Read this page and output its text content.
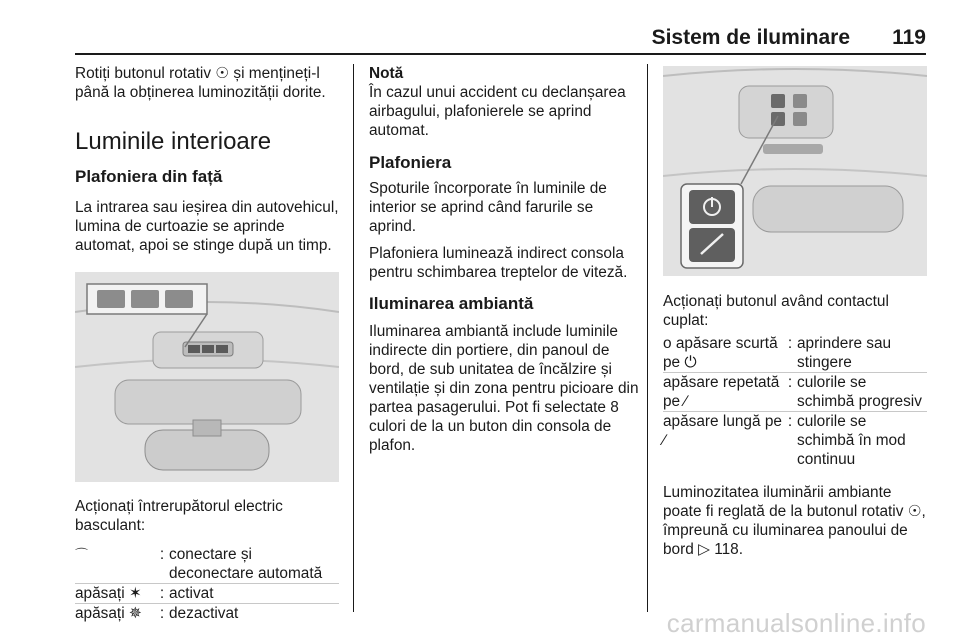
Sistem de iluminare 119

Rotiți butonul rotativ ☉ și mențineți-l până la obținerea luminozității dorite.

Luminile interioare
Plafoniera din față

La intrarea sau ieșirea din autovehicul, lumina de curtoazie se aprinde automat, apoi se stinge după un timp.

Acționați întrerupătorul electric basculant:

⌒	:	conectare și deconectare automată
apăsați ✶	:	activat
apăsați ✵	:	dezactivat

Notă

În cazul unui accident cu declanșarea airbagului, plafonierele se aprind automat.

Plafoniera

Spoturile încorporate în luminile de interior se aprind când farurile se aprind.

Plafoniera luminează indirect consola pentru schimbarea treptelor de viteză.

Iluminarea ambiantă

Iluminarea ambiantă include luminile indirecte din portiere, din panoul de bord, de sub unitatea de încălzire și ventilație și din zona pentru picioare din partea pasagerului. Pot fi selectate 8 culori de la un buton din consola de plafon.

Acționați butonul având contactul cuplat:

o apăsare scurtă pe ⏻	:	aprindere sau stingere
apăsare repetată pe ∕	:	culorile se schimbă progresiv
apăsare lungă pe ∕	:	culorile se schimbă în mod continuu

Luminozitatea iluminării ambiante poate fi reglată de la butonul rotativ ☉, împreună cu iluminarea panoului de bord ▷ 118.

carmanualsonline.info
